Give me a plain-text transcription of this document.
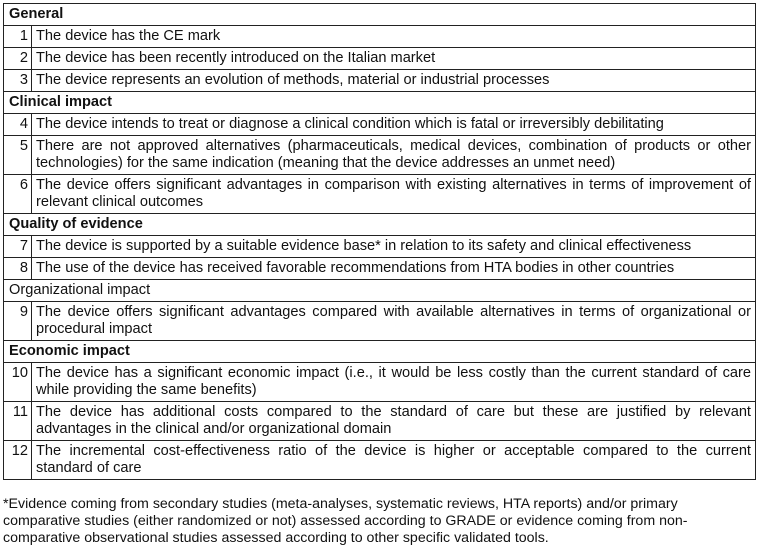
General	
1	The device has the CE mark
2	The device has been recently introduced on the Italian market
3	The device represents an evolution of methods, material or industrial processes
Clinical impact	
4	The device intends to treat or diagnose a clinical condition which is fatal or irreversibly debilitating
5	There are not approved alternatives (pharmaceuticals, medical devices, combination of products or other technologies) for the same indication (meaning that the device addresses an unmet need)
6	The device offers significant advantages in comparison with existing alternatives in terms of improvement of relevant clinical outcomes
Quality of evidence	
7	The device is supported by a suitable evidence base* in relation to its safety and clinical effectiveness
8	The use of the device has received favorable recommendations from HTA bodies in other countries
Organizational impact	
9	The device offers significant advantages compared with available alternatives in terms of organizational or procedural impact
Economic impact	
10	The device has a significant economic impact (i.e., it would be less costly than the current standard of care while providing the same benefits)
11	The device has additional costs compared to the standard of care but these are justified by relevant advantages in the clinical and/or organizational domain
12	The incremental cost-effectiveness ratio of the device is higher or acceptable compared to the current standard of care
*Evidence coming from secondary studies (meta-analyses, systematic reviews, HTA reports) and/or primary comparative studies (either randomized or not) assessed according to GRADE or evidence coming from non-comparative observational studies assessed according to other specific validated tools.
